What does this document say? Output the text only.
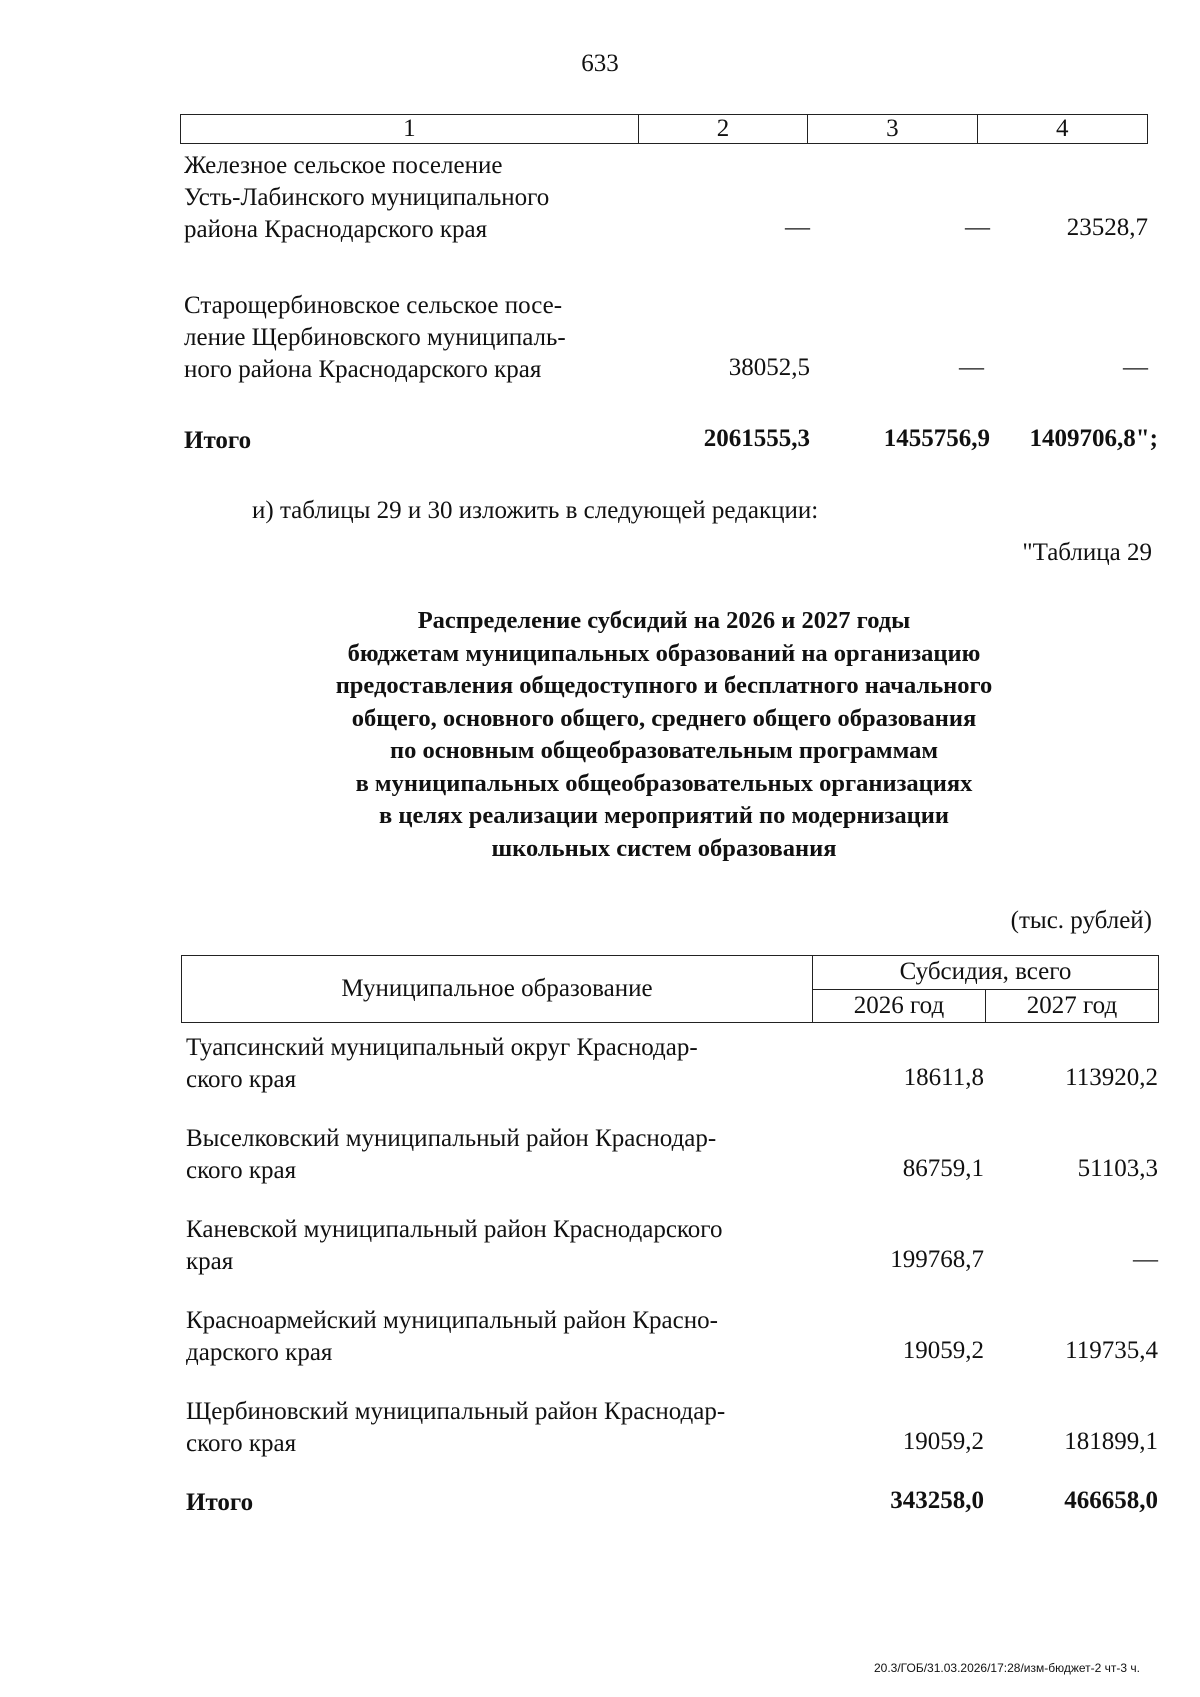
633
1	2	3	4
Железное сельское поселение
Усть-Лабинского муниципального
района Краснодарского края	—	—	23528,7
Старощербиновское сельское посе-
ление Щербиновского муниципаль-
ного района Краснодарского края	38052,5	—	—
Итого	2061555,3	1455756,9 1409706,8";
и) таблицы 29 и 30 изложить в следующей редакции:
"Таблица 29
Распределение субсидий на 2026 и 2027 годы
бюджетам муниципальных образований на организацию
предоставления общедоступного и бесплатного начального
общего, основного общего, среднего общего образования
по основным общеобразовательным программам
в муниципальных общеобразовательных организациях
в целях реализации мероприятий по модернизации
школьных систем образования
(тыс. рублей)
Муниципальное образование	Субсидия, всего	
	2026 год	2027 год
Туапсинский муниципальный округ Краснодар-
ского края	18611,8	113920,2
Выселковский муниципальный район Краснодар-
ского края	86759,1	51103,3
Каневской муниципальный район Краснодарского
края	199768,7	—
Красноармейский муниципальный район Красно-
дарского края	19059,2	119735,4
Щербиновский муниципальный район Краснодар-
ского края	19059,2	181899,1
Итого	343258,0	466658,0
20.3/ГОБ/31.03.2026/17:28/изм-бюджет-2 чт-3 ч.
